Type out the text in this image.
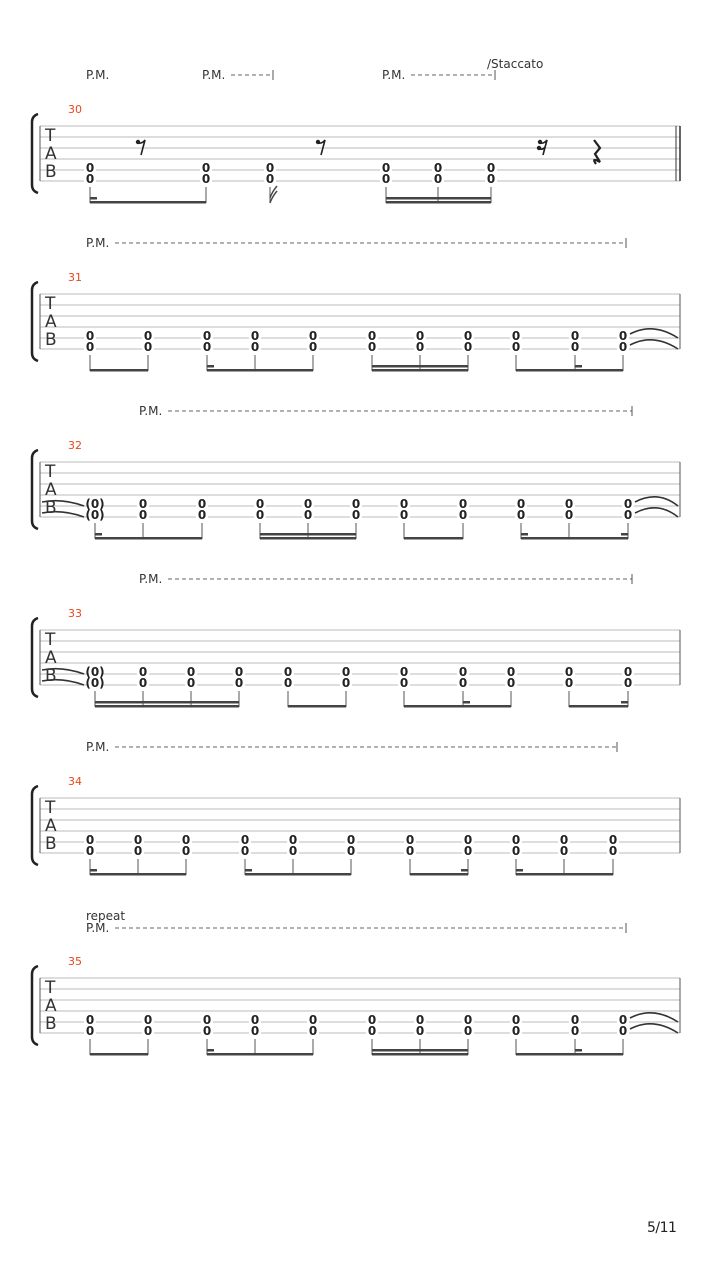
T
A
B
30
P.M.	P.M.	P.M.
/Staccato
0
0
0
0
0
0
0
0
0
0
0
0
T
A
B
31
P.M.
0
0
0
0
0
0
0
0
0
0
0
0
0
0
0
0
0
0
0
0
0
0
T
A
B
32
P.M.
(0)
(0)
0
0
0
0
0
0
0
0
0
0
0
0
0
0
0
0
0
0
0
0
T
A
B
33
P.M.
(0)
(0)
0
0
0
0
0
0
0
0
0
0
0
0
0
0
0
0
0
0
0
0
T
A
B
34
P.M.
0
0
0
0
0
0
0
0
0
0
0
0
0
0
0
0
0
0
0
0
0
0
T
A
B
35
repeat
P.M.
0
0
0
0
0
0
0
0
0
0
0
0
0
0
0
0
0
0
0
0
0
0
5/11
